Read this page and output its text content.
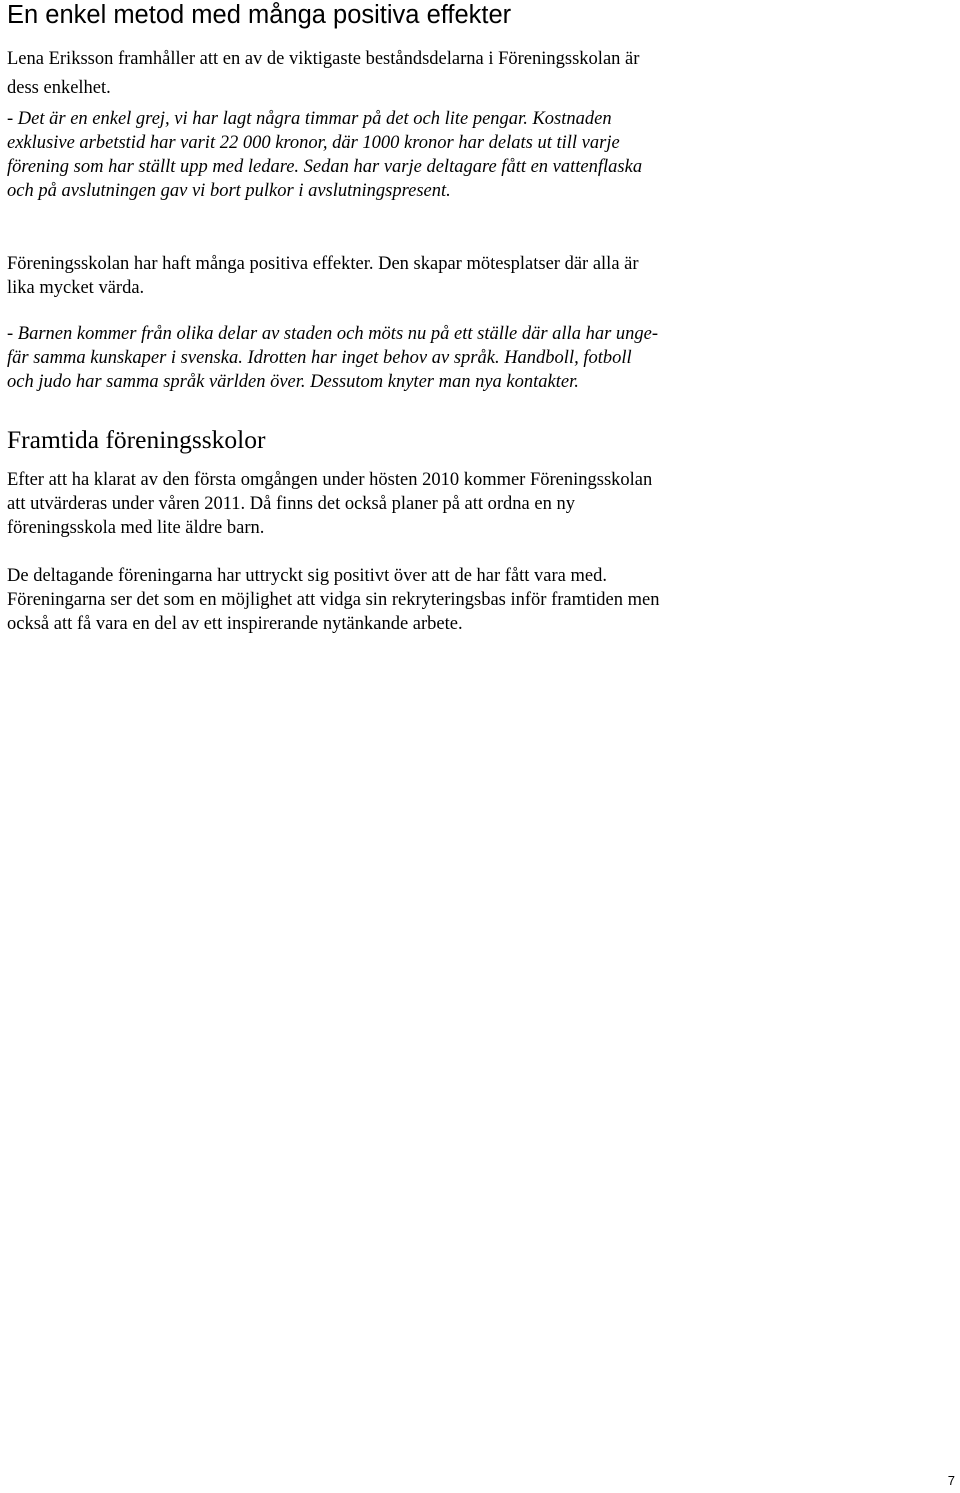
En enkel metod med många positiva effekter

Lena Eriksson framhåller att en av de viktigaste beståndsdelarna i Föreningsskolan är
dess enkelhet.

- Det är en enkel grej, vi har lagt några timmar på det och lite pengar. Kostnaden
exklusive arbetstid har varit 22 000 kronor, där 1000 kronor har delats ut till varje
förening som har ställt upp med ledare. Sedan har varje deltagare fått en vattenflaska
och på avslutningen gav vi bort pulkor i avslutningspresent.

Föreningsskolan har haft många positiva effekter. Den skapar mötesplatser där alla är
lika mycket värda.

- Barnen kommer från olika delar av staden och möts nu på ett ställe där alla har unge-
fär samma kunskaper i svenska. Idrotten har inget behov av språk. Handboll, fotboll
och judo har samma språk världen över. Dessutom knyter man nya kontakter.

Framtida föreningsskolor

Efter att ha klarat av den första omgången under hösten 2010 kommer Föreningsskolan
att utvärderas under våren 2011. Då finns det också planer på att ordna en ny
föreningsskola med lite äldre barn.

De deltagande föreningarna har uttryckt sig positivt över att de har fått vara med.
Föreningarna ser det som en möjlighet att vidga sin rekryteringsbas inför framtiden men
också att få vara en del av ett inspirerande nytänkande arbete.

7
